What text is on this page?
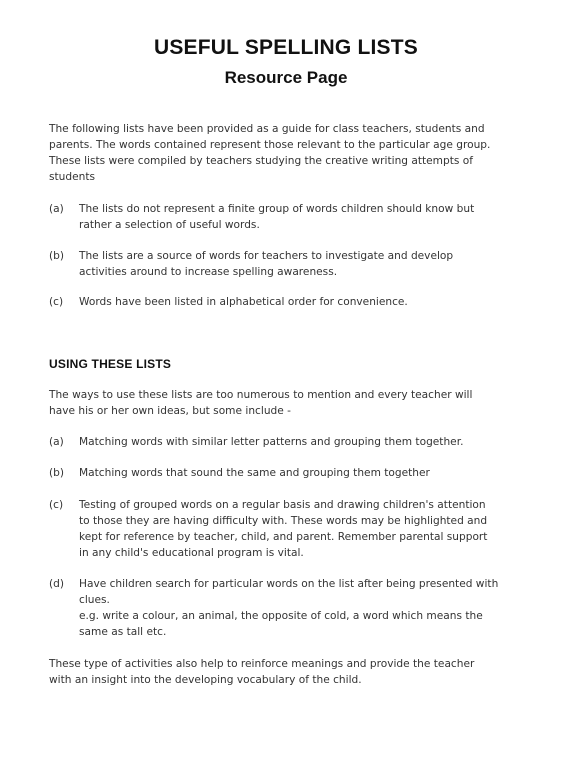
USEFUL SPELLING LISTS
Resource Page
The following lists have been provided as a guide for class teachers, students and parents. The words contained represent those relevant to the particular age group. These lists were compiled by teachers studying the creative writing attempts of students
(a) The lists do not represent a finite group of words children should know but rather a selection of useful words.
(b) The lists are a source of words for teachers to investigate and develop activities around to increase spelling awareness.
(c) Words have been listed in alphabetical order for convenience.
USING THESE LISTS
The ways to use these lists are too numerous to mention and every teacher will have his or her own ideas, but some include -
(a) Matching words with similar letter patterns and grouping them together.
(b) Matching words that sound the same and grouping them together
(c) Testing of grouped words on a regular basis and drawing children's attention to those they are having difficulty with. These words may be highlighted and kept for reference by teacher, child, and parent. Remember parental support in any child's educational program is vital.
(d) Have children search for particular words on the list after being presented with clues.
e.g. write a colour, an animal, the opposite of cold, a word which means the same as tall etc.
These type of activities also help to reinforce meanings and provide the teacher with an insight into the developing vocabulary of the child.
